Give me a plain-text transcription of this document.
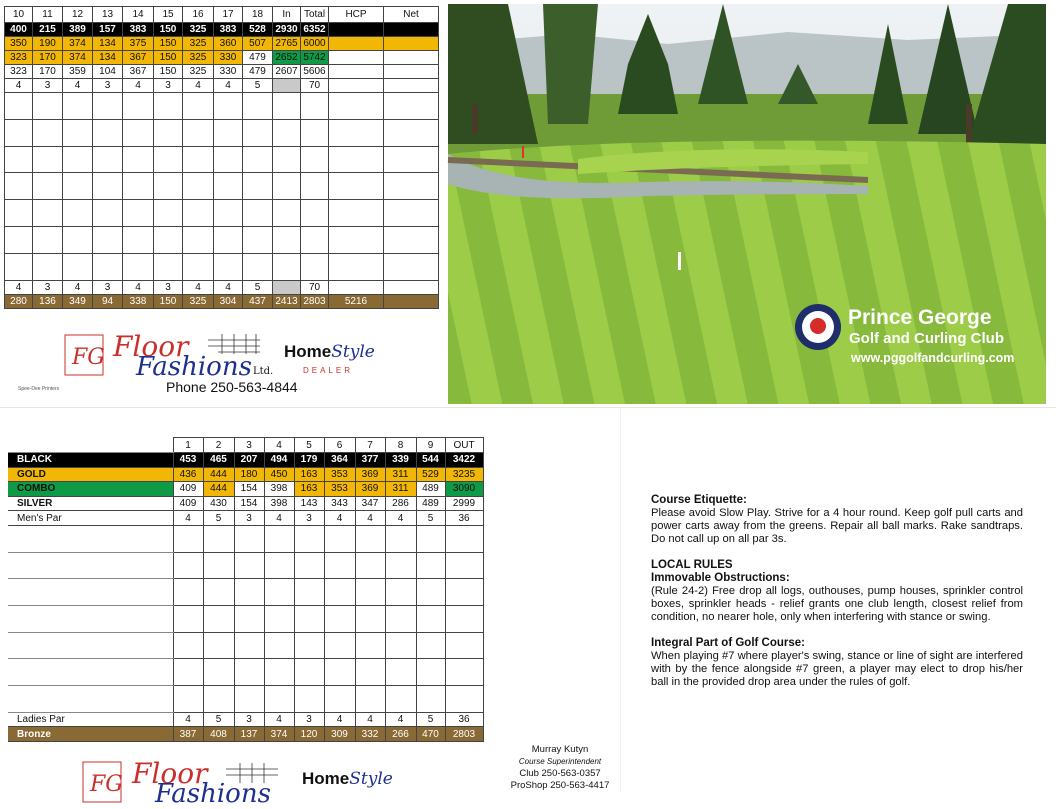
10	11	12	13	14	15	16	17	18	In	Total	HCP	Net
400	215	389	157	383	150	325	383	528	2930	6352		
350	190	374	134	375	150	325	360	507	2765	6000		
323	170	374	134	367	150	325	330	479	2652	5742		
323	170	359	104	367	150	325	330	479	2607	5606		
4	3	4	3	4	3	4	4	5		70		

4	3	4	3	4	3	4	4	5		70		
280	136	349	94	338	150	325	304	437	2413	2803	5216	
Prince George
Golf and Curling Club
www.pggolfandcurling.com
FG Floor
Fashions Ltd.
Phone 250-563-4844
HomeStyle
DEALER
Spee-Dee Printers
	1	2	3	4	5	6	7	8	9	OUT
BLACK	453	465	207	494	179	364	377	339	544	3422
GOLD	436	444	180	450	163	353	369	311	529	3235
COMBO	409	444	154	398	163	353	369	311	489	3090
SILVER	409	430	154	398	143	343	347	286	489	2999
Men's Par	4	5	3	4	3	4	4	4	5	36

Ladies Par	4	5	3	4	3	4	4	4	5	36
Bronze	387	408	137	374	120	309	332	266	470	2803
FG Floor
Fashions
HomeStyle
Murray Kutyn
Course Superintendent
Club 250-563-0357
ProShop 250-563-4417
Course Etiquette:

Please avoid Slow Play. Strive for a 4 hour round. Keep golf pull carts and power carts away from the greens. Repair all ball marks. Rake sandtraps. Do not call up on all par 3s.

LOCAL RULES
Immovable Obstructions:

(Rule 24-2) Free drop all logs, outhouses, pump houses, sprinkler control boxes, sprinkler heads - relief grants one club length, closest relief from condition, no nearer hole, only when interfering with stance or swing.

Integral Part of Golf Course:

When playing #7 where player's swing, stance or line of sight are interfered with by the fence alongside #7 green, a player may elect to drop his/her ball in the provided drop area under the rules of golf.
